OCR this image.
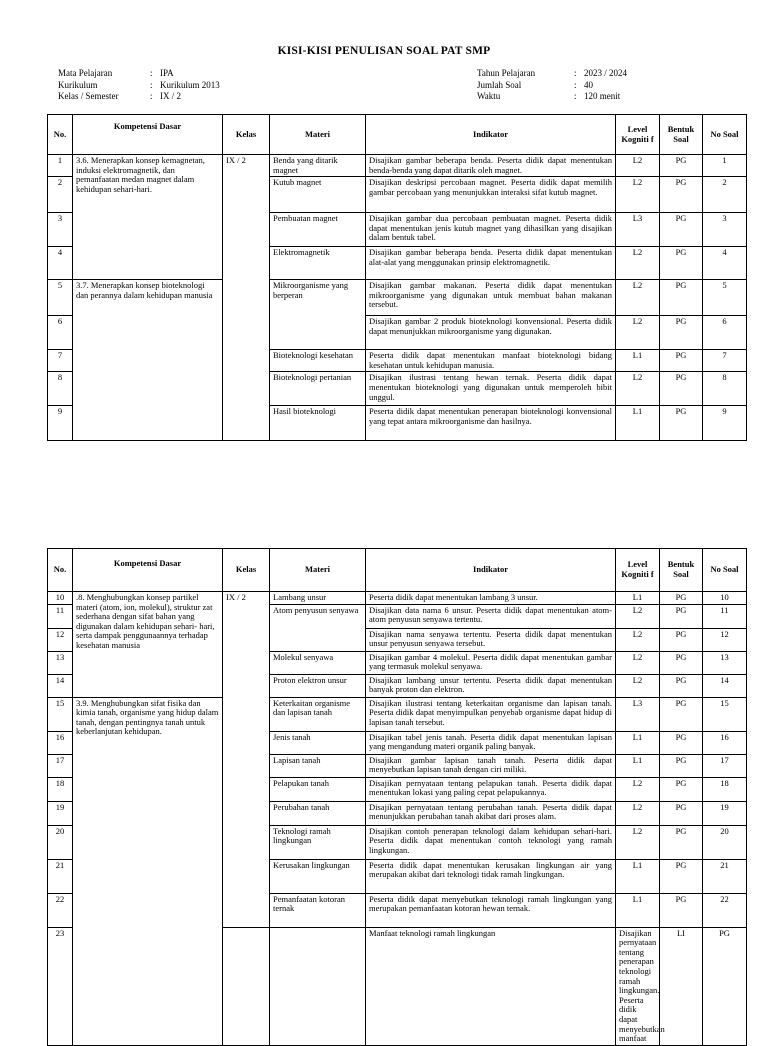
KISI-KISI PENULISAN SOAL PAT SMP
Mata Pelajaran	: IPA
Kurikulum	: Kurikulum 2013
Kelas / Semester	: IX / 2
Tahun Pelajaran	: 2023 / 2024
Jumlah Soal	: 40
Waktu	: 120 menit
No.	Kompetensi Dasar	Kelas	Materi	Indikator	Level Kogniti f	Bentuk Soal	No Soal
1	3.6. Menerapkan konsep kemagnetan, induksi elektromagnetik, dan pemanfaatan medan magnet dalam kehidupan sehari-hari.	IX / 2	Benda yang ditarik magnet	Disajikan gambar beberapa benda. Peserta didik dapat menentukan benda-benda yang dapat ditarik oleh magnet.	L2	PG	1
2			Kutub magnet	Disajikan deskripsi percobaan magnet. Peserta didik dapat memilih gambar percobaan yang menunjukkan interaksi sifat kutub magnet.	L2	PG	2
3			Pembuatan magnet	Disajikan gambar dua percobaan pembuatan magnet. Peserta didik dapat menentukan jenis kutub magnet yang dihasilkan yang disajikan dalam bentuk tabel.	L3	PG	3
4			Elektromagnetik	Disajikan gambar beberapa benda. Peserta didik dapat menentukan alat-alat yang menggunakan prinsip elektromagnetik.	L2	PG	4
5	3.7. Menerapkan konsep bioteknologi dan perannya dalam kehidupan manusia		Mikroorganisme yang berperan	Disajikan gambar makanan. Peserta didik dapat menentukan mikroorganisme yang digunakan untuk membuat bahan makanan tersebut.	L2	PG	5
6				Disajikan gambar 2 produk bioteknologi konvensional. Peserta didik dapat menunjukkan mikroorganisme yang digunakan.	L2	PG	6
7			Bioteknologi kesehatan	Peserta didik dapat menentukan manfaat bioteknologi bidang kesehatan untuk kehidupan manusia.	L1	PG	7
8			Bioteknologi pertanian	Disajikan ilustrasi tentang hewan ternak. Peserta didik dapat menentukan bioteknologi yang digunakan untuk memperoleh bibit unggul.	L2	PG	8
9			Hasil bioteknologi	Peserta didik dapat menentukan penerapan bioteknologi konvensional yang tepat antara mikroorganisme dan hasilnya.	L1	PG	9
No.	Kompetensi Dasar	Kelas	Materi	Indikator	Level Kogniti f	Bentuk Soal	No Soal	
10	.8. Menghubungkan konsep partikel materi (atom, ion, molekul), struktur zat sederhana dengan sifat bahan yang digunakan dalam kehidupan sehari- hari, serta dampak penggunaannya terhadap kesehatan manusia	IX / 2	Lambang unsur	Peserta didik dapat menentukan lambang 3 unsur.	L1	PG	10	
11			Atom penyusun senyawa	Disajikan data nama 6 unsur. Peserta didik dapat menentukan atom-atom penyusun senyawa tertentu.	L2	PG	11	
12				Disajikan nama senyawa tertentu. Peserta didik dapat menentukan unsur penyusun senyawa tersebut.	L2	PG	12	
13			Molekul senyawa	Disajikan gambar 4 molekul. Peserta didik dapat menentukan gambar yang termasuk molekul senyawa.	L2	PG	13	
14			Proton elektron unsur	Disajikan lambang unsur tertentu. Peserta didik dapat menentukan banyak proton dan elektron.	L2	PG	14	
15	3.9. Menghubungkan sifat fisika dan kimia tanah, organisme yang hidup dalam tanah, dengan pentingnya tanah untuk keberlanjutan kehidupan.		Keterkaitan organisme dan lapisan tanah	Disajikan ilustrasi tentang keterkaitan organisme dan lapisan tanah. Peserta didik dapat menyimpulkan penyebab organisme dapat hidup di lapisan tanah tersebut.	L3	PG	15	
16			Jenis tanah	Disajikan tabel jenis tanah. Peserta didik dapat menentukan lapisan yang mengandung materi organik paling banyak.	L1	PG	16	
17			Lapisan tanah	Disajikan gambar lapisan tanah tanah. Peserta didik dapat menyebutkan lapisan tanah dengan ciri miliki.	L1	PG	17	
18			Pelapukan tanah	Disajikan pernyataan tentang pelapukan tanah. Peserta didik dapat menentukan lokasi yang paling cepat pelapukannya.	L2	PG	18	
19			Perubahan tanah	Disajikan pernyataan tentang perubahan tanah. Peserta didik dapat menunjukkan perubahan tanah akibat dari proses alam.	L2	PG	19	
20			Teknologi ramah lingkungan	Disajikan contoh penerapan teknologi dalam kehidupan sehari-hari. Peserta didik dapat menentukan contoh teknologi yang ramah lingkungan.	L2	PG	20	
21			Kerusakan lingkungan	Peserta didik dapat menentukan kerusakan lingkungan air yang merupakan akibat dari teknologi tidak ramah lingkungan.	L1	PG	21	
22			Pemanfaatan kotoran ternak	Peserta didik dapat menyebutkan teknologi ramah lingkungan yang merupakan pemanfaatan kotoran hewan ternak.	L1	PG	22	
23				Manfaat teknologi ramah lingkungan	Disajikan pernyataan tentang penerapan teknologi ramah lingkungan. Peserta didik dapat menyebutkan manfaat	LI	PG	
